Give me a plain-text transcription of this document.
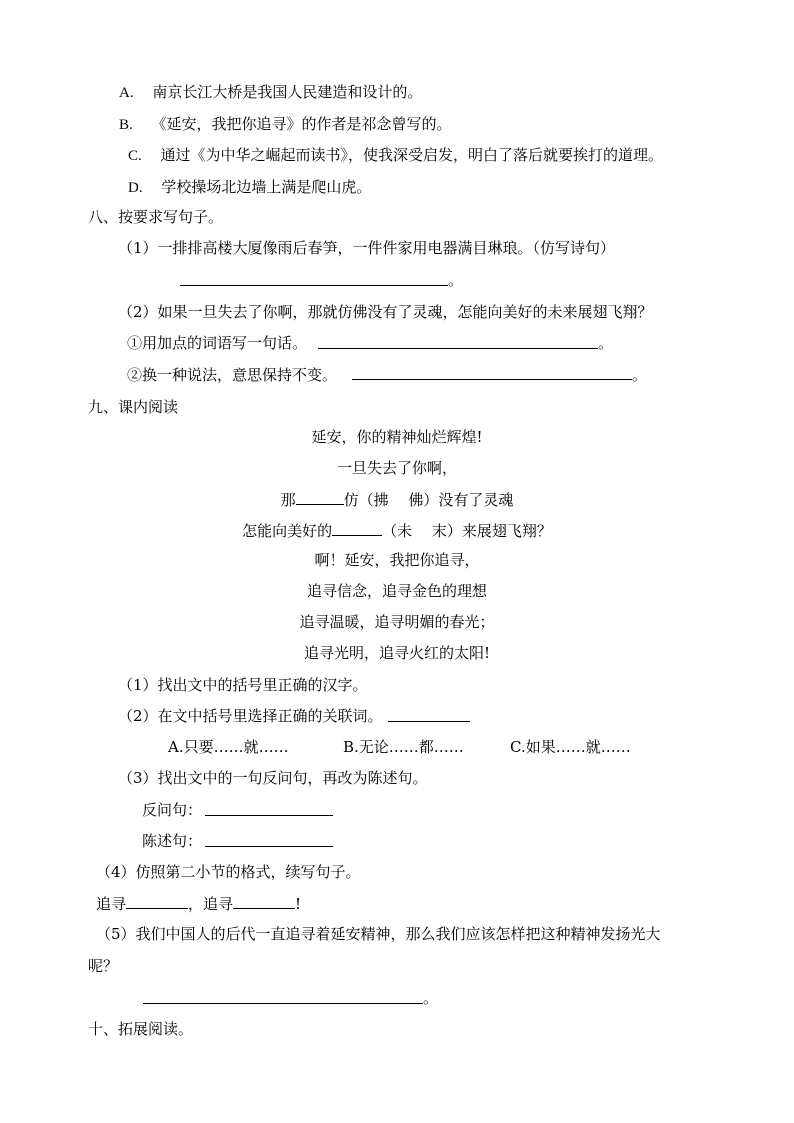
A. 南京长江大桥是我国人民建造和设计的。
B. 《延安，我把你追寻》的作者是祁念曾写的。
C. 通过《为中华之崛起而读书》，使我深受启发，明白了落后就要挨打的道理。
D. 学校操场北边墙上满是爬山虎。
八、按要求写句子。
（1）一排排高楼大厦像雨后春笋，一件件家用电器满目琳琅。（仿写诗句）
。
（2）如果一旦失去了你啊，那就仿佛没有了灵魂，怎能向美好的未来展翅飞翔？
①用加点的词语写一句话。	。
②换一种说法，意思保持不变。	。
九、课内阅读
延安，你的精神灿烂辉煌!
一旦失去了你啊，
那	仿（拂　 佛）没有了灵魂
怎能向美好的	（未　 末）来展翅飞翔？
啊！延安，我把你追寻，
追寻信念，追寻金色的理想
追寻温暖，追寻明媚的春光；
追寻光明，追寻火红的太阳!
（1）找出文中的括号里正确的汉字。
（2）在文中括号里选择正确的关联词。
A.只要……就……	B.无论……都……	C.如果……就……
（3）找出文中的一句反问句，再改为陈述句。
反问句：
陈述句：
（4）仿照第二小节的格式，续写句子。
追寻	，追寻	!
（5）我们中国人的后代一直追寻着延安精神，那么我们应该怎样把这种精神发扬光大
呢？
。
十、拓展阅读。
